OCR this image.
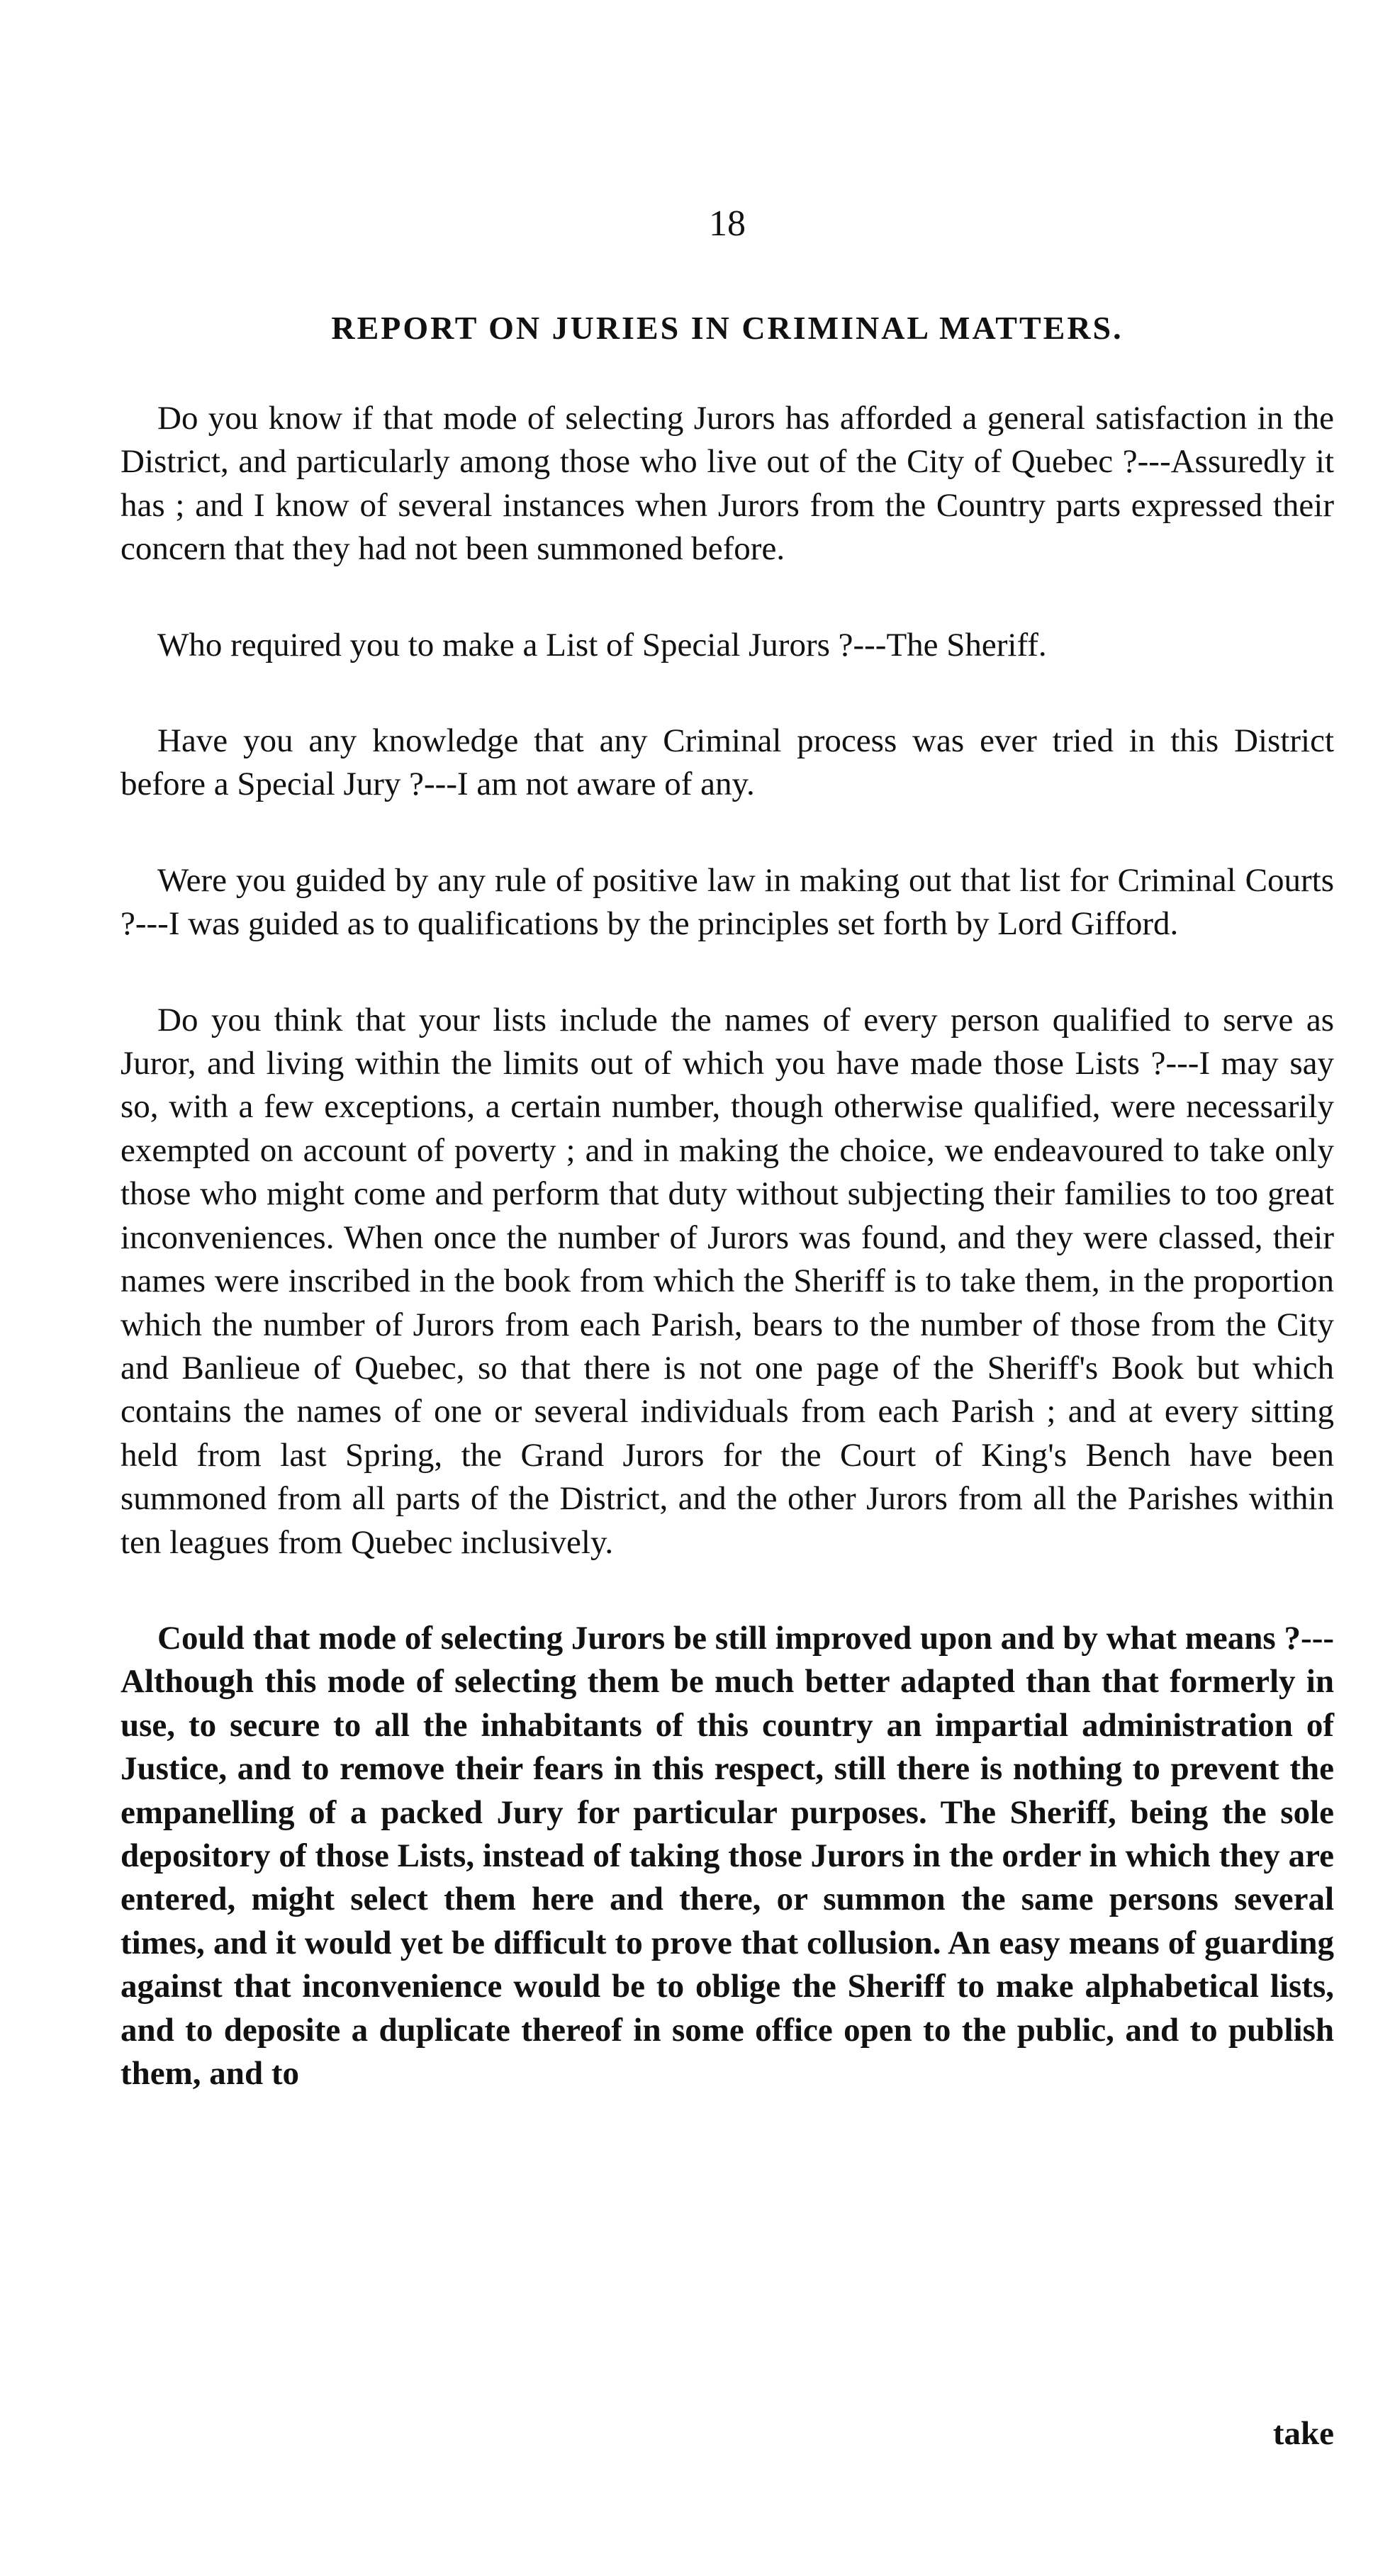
18
REPORT ON JURIES IN CRIMINAL MATTERS.

Do you know if that mode of selecting Jurors has afforded a general satisfaction in the District, and particularly among those who live out of the City of Quebec ?---Assuredly it has ; and I know of several instances when Jurors from the Country parts expressed their concern that they had not been summoned before.

Who required you to make a List of Special Jurors ?---The Sheriff.

Have you any knowledge that any Criminal process was ever tried in this District before a Special Jury ?---I am not aware of any.

Were you guided by any rule of positive law in making out that list for Criminal Courts ?---I was guided as to qualifications by the principles set forth by Lord Gifford.

Do you think that your lists include the names of every person qualified to serve as Juror, and living within the limits out of which you have made those Lists ?---I may say so, with a few exceptions, a certain number, though otherwise qualified, were necessarily exempted on account of poverty ; and in making the choice, we endeavoured to take only those who might come and perform that duty without subjecting their families to too great inconveniences. When once the number of Jurors was found, and they were classed, their names were inscribed in the book from which the Sheriff is to take them, in the proportion which the number of Jurors from each Parish, bears to the number of those from the City and Banlieue of Quebec, so that there is not one page of the Sheriff's Book but which contains the names of one or several individuals from each Parish ; and at every sitting held from last Spring, the Grand Jurors for the Court of King's Bench have been summoned from all parts of the District, and the other Jurors from all the Parishes within ten leagues from Quebec inclusively.

Could that mode of selecting Jurors be still improved upon and by what means ?---Although this mode of selecting them be much better adapted than that formerly in use, to secure to all the inhabitants of this country an impartial administration of Justice, and to remove their fears in this respect, still there is nothing to prevent the empanelling of a packed Jury for particular purposes. The Sheriff, being the sole depository of those Lists, instead of taking those Jurors in the order in which they are entered, might select them here and there, or summon the same persons several times, and it would yet be difficult to prove that collusion. An easy means of guarding against that inconvenience would be to oblige the Sheriff to make alphabetical lists, and to deposite a duplicate thereof in some office open to the public, and to publish them, and to

take
